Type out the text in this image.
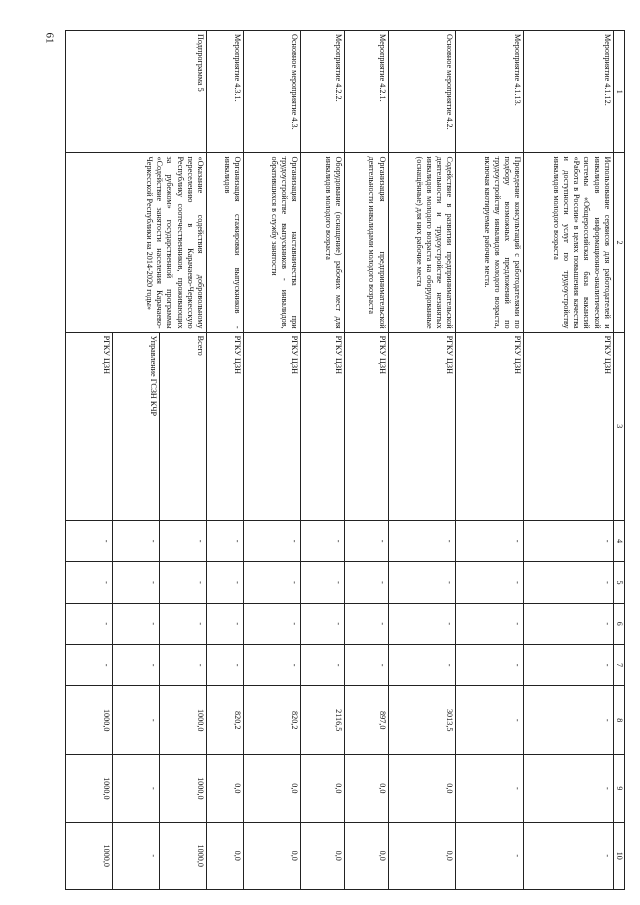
61
1	2	3	4	5	6	7	8	9	10
Мероприятие 4.1.12.	Использование сервисов для работодателей и инвалидов информационно-аналитической системы «Общероссийская база вакансий «Работа в России» в целях повышения качества и доступности услуг по трудоустройству инвалидов молодого возраста	РГКУ ЦЗН	-	-	-	-	-	-	-
Мероприятие 4.1.13.	Проведение консультаций с работодателями по подбору возможных предложений по трудоустройству инвалидов молодого возраста, включая квотируемые рабочие места.	РГКУ ЦЗН	-	-	-	-	-	-	-
Основное мероприятие 4.2.	Содействие в развитии предпринимательской деятельности и трудоустройстве незанятых инвалидов молодого возраста на оборудованные (оснащённые) для них рабочие места	РГКУ ЦЗН	-	-	-	-	3013,5	0,0	0,0
Мероприятие 4.2.1.	Организация предпринимательской деятельности инвалидами молодого возраста	РГКУ ЦЗН	-	-	-	-	897,0	0,0	0,0
Мероприятие 4.2.2.	Оборудование (оснащение) рабочих мест для инвалидов молодого возраста	РГКУ ЦЗН	-	-	-	-	2116,5	0,0	0,0
Основное мероприятие 4.3.	Организация наставничества при трудоустройстве выпускников - инвалидов, обратившихся в службу занятости	РГКУ ЦЗН	-	-	-	-	820,2	0,0	0,0
Мероприятие 4.3.1.	Организация стажировки выпускников - инвалидов	РГКУ ЦЗН	-	-	-	-	820,2	0,0	0,0
Подпрограмма 5	«Оказание содействия добровольному переселению в Карачаево-Черкесскую Республику соотечественников, проживающих за рубежом» государственной программы «Содействие занятости населения Карачаево-Черкесской Республики на 2014-2020 годы»	Всего	-	-	-	-	1000,0	1000,0	1000,0
		Управление ГСЗН КЧР	-	-	-	-	-	-	-
		РГКУ ЦЗН	-	-	-	-	1000,0	1000,0	1000,0
